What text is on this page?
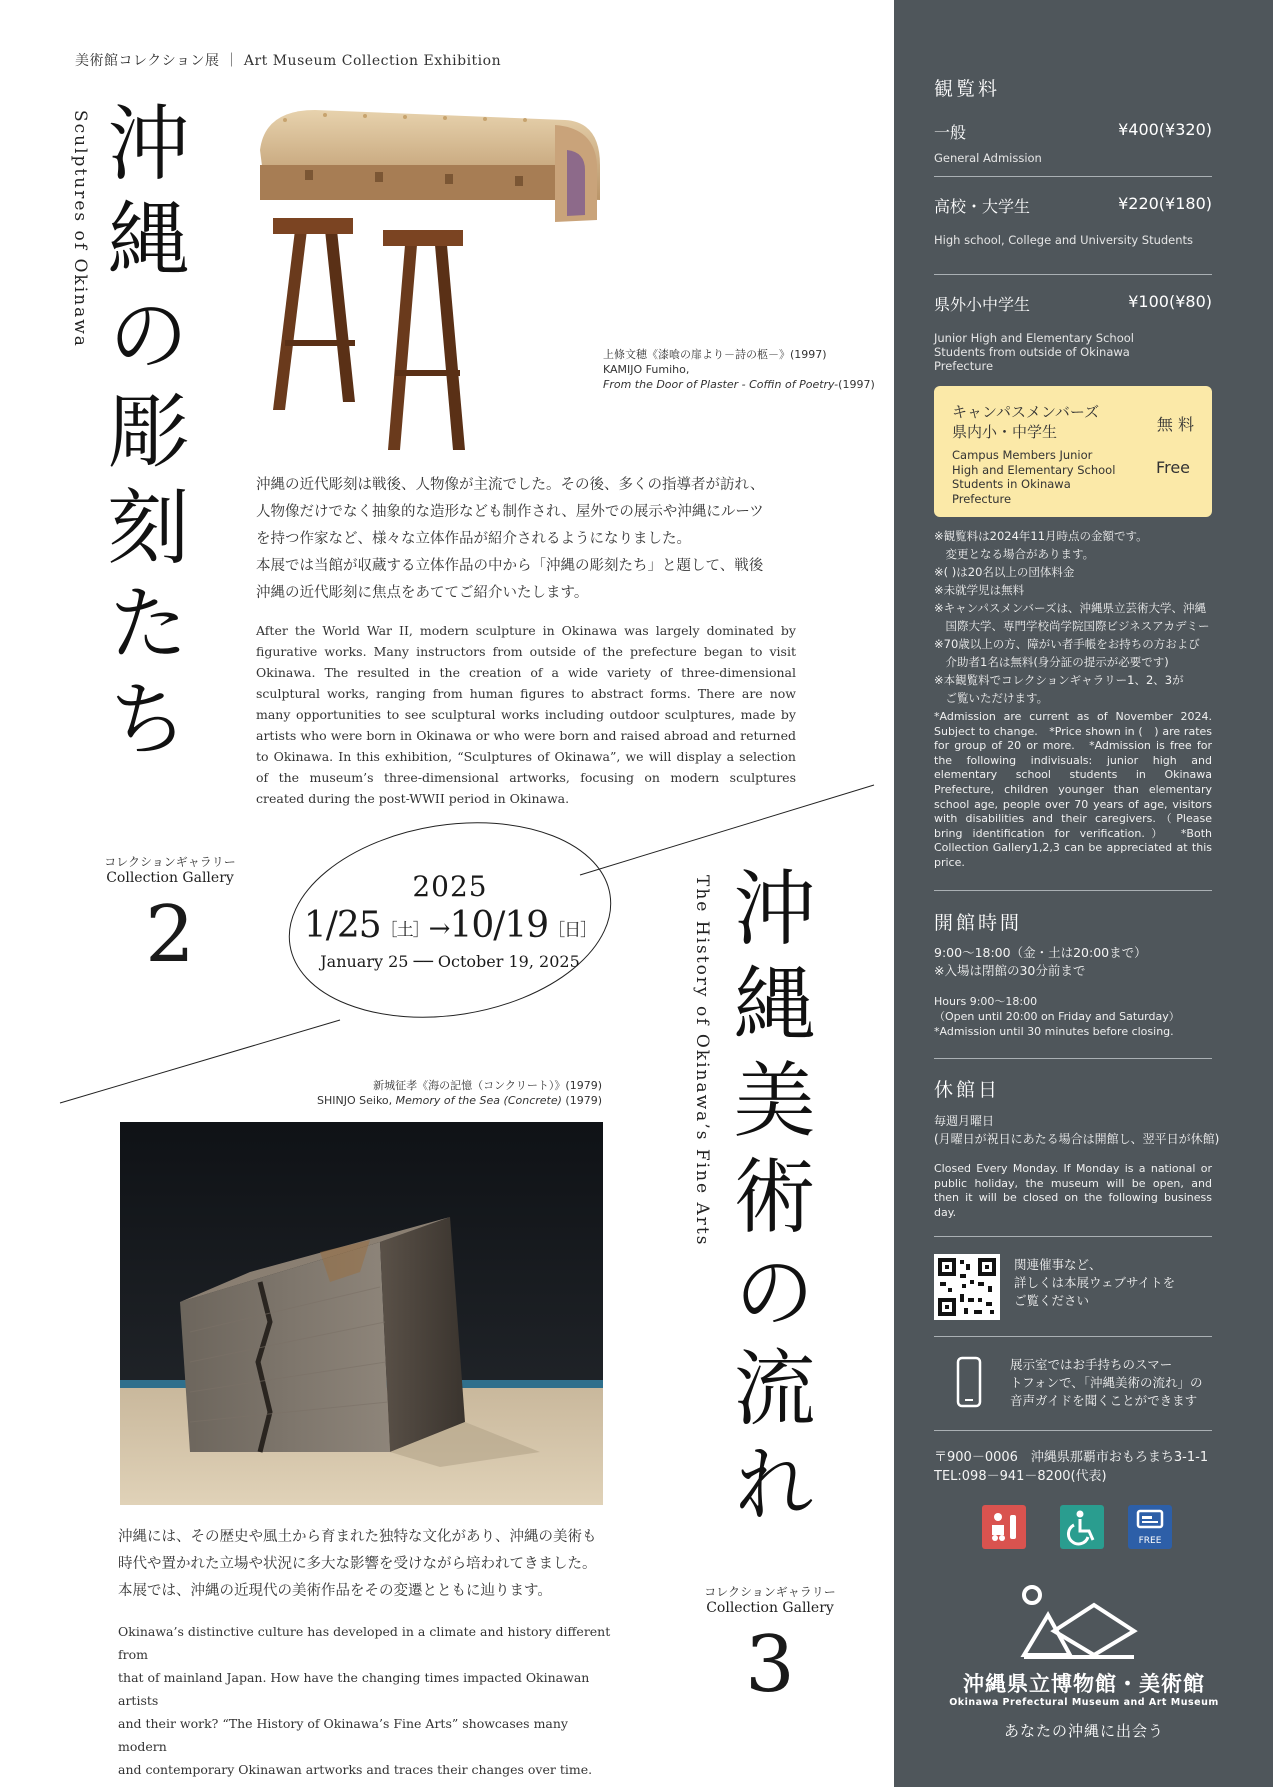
美術館コレクション展 ｜ Art Museum Collection Exhibition
沖縄の彫刻たち
Sculptures of Okinawa
上條文穂《漆喰の扉より－詩の柩－》(1997)
KAMIJO Fumiho,
From the Door of Plaster - Coffin of Poetry-(1997)
沖縄の近代彫刻は戦後、人物像が主流でした。その後、多くの指導者が訪れ、
人物像だけでなく抽象的な造形なども制作され、屋外での展示や沖縄にルーツ
を持つ作家など、様々な立体作品が紹介されるようになりました。
本展では当館が収蔵する立体作品の中から「沖縄の彫刻たち」と題して、戦後
沖縄の近代彫刻に焦点をあててご紹介いたします。
After the World War II, modern sculpture in Okinawa was largely dominated by figurative works. Many instructors from outside of the prefecture began to visit Okinawa. The resulted in the creation of a wide variety of three-dimensional sculptural works, ranging from human figures to abstract forms. There are now many opportunities to see sculptural works including outdoor sculptures, made by artists who were born in Okinawa or who were born and raised abroad and returned to Okinawa. In this exhibition, “Sculptures of Okinawa”, we will display a selection of the museum’s three-dimensional artworks, focusing on modern sculptures created during the post-WWII period in Okinawa.
コレクションギャラリー
Collection Gallery
2
2025
1/25［土］→10/19［日］
January 25 ── October 19, 2025	沖縄美術の流れ
The History of Okinawa’s Fine Arts
新城征孝《海の記憶（コンクリート）》(1979)
SHINJO Seiko, Memory of the Sea (Concrete) (1979)
沖縄には、その歴史や風土から育まれた独特な文化があり、沖縄の美術も
時代や置かれた立場や状況に多大な影響を受けながら培われてきました。
本展では、沖縄の近現代の美術作品をその変遷とともに辿ります。
Okinawa’s distinctive culture has developed in a climate and history different from
that of mainland Japan. How have the changing times impacted Okinawan artists
and their work? “The History of Okinawa’s Fine Arts” showcases many modern
and contemporary Okinawan artworks and traces their changes over time.
コレクションギャラリー
Collection Gallery
3
観覧料
一般	¥400(¥320)
General Admission
高校・大学生	¥220(¥180)
High school, College and University Students
県外小中学生	¥100(¥80)
Junior High and Elementary School Students from outside of Okinawa Prefecture
キャンパスメンバーズ
県内小・中学生
Campus Members Junior High and Elementary School Students in Okinawa Prefecture
無 料
Free
※観覧料は2024年11月時点の金額です。
　変更となる場合があります。
※( )は20名以上の団体料金
※未就学児は無料
※キャンパスメンバーズは、沖縄県立芸術大学、沖縄
　国際大学、専門学校尚学院国際ビジネスアカデミー
※70歳以上の方、障がい者手帳をお持ちの方および
　介助者1名は無料(身分証の提示が必要です)
※本観覧料でコレクションギャラリー1、2、3が
　ご覧いただけます。
*Admission are current as of November 2024. Subject to change.　*Price shown in (　) are rates for group of 20 or more.　*Admission is free for the following indivisuals: junior high and elementary school students in Okinawa Prefecture, children younger than elementary school age, people over 70 years of age, visitors with disabilities and their caregivers.（Please bring identification for verification.）　*Both Collection Gallery1,2,3 can be appreciated at this price.
開館時間
9:00〜18:00（金・土は20:00まで）
※入場は閉館の30分前まで
Hours 9:00〜18:00
（Open until 20:00 on Friday and Saturday）
*Admission until 30 minutes before closing.
休館日
毎週月曜日
(月曜日が祝日にあたる場合は開館し、翌平日が休館)
Closed Every Monday. If Monday is a national or public holiday, the museum will be open, and then it will be closed on the following business day.
関連催事など、
詳しくは本展ウェブサイトを
ご覧ください
展示室ではお手持ちのスマー
トフォンで、「沖縄美術の流れ」の
音声ガイドを聞くことができます
〒900－0006　沖縄県那覇市おもろまち3-1-1
TEL:098－941－8200(代表)
FREE
沖縄県立博物館・美術館
Okinawa Prefectural Museum and Art Museum
あなたの沖縄に出会う
